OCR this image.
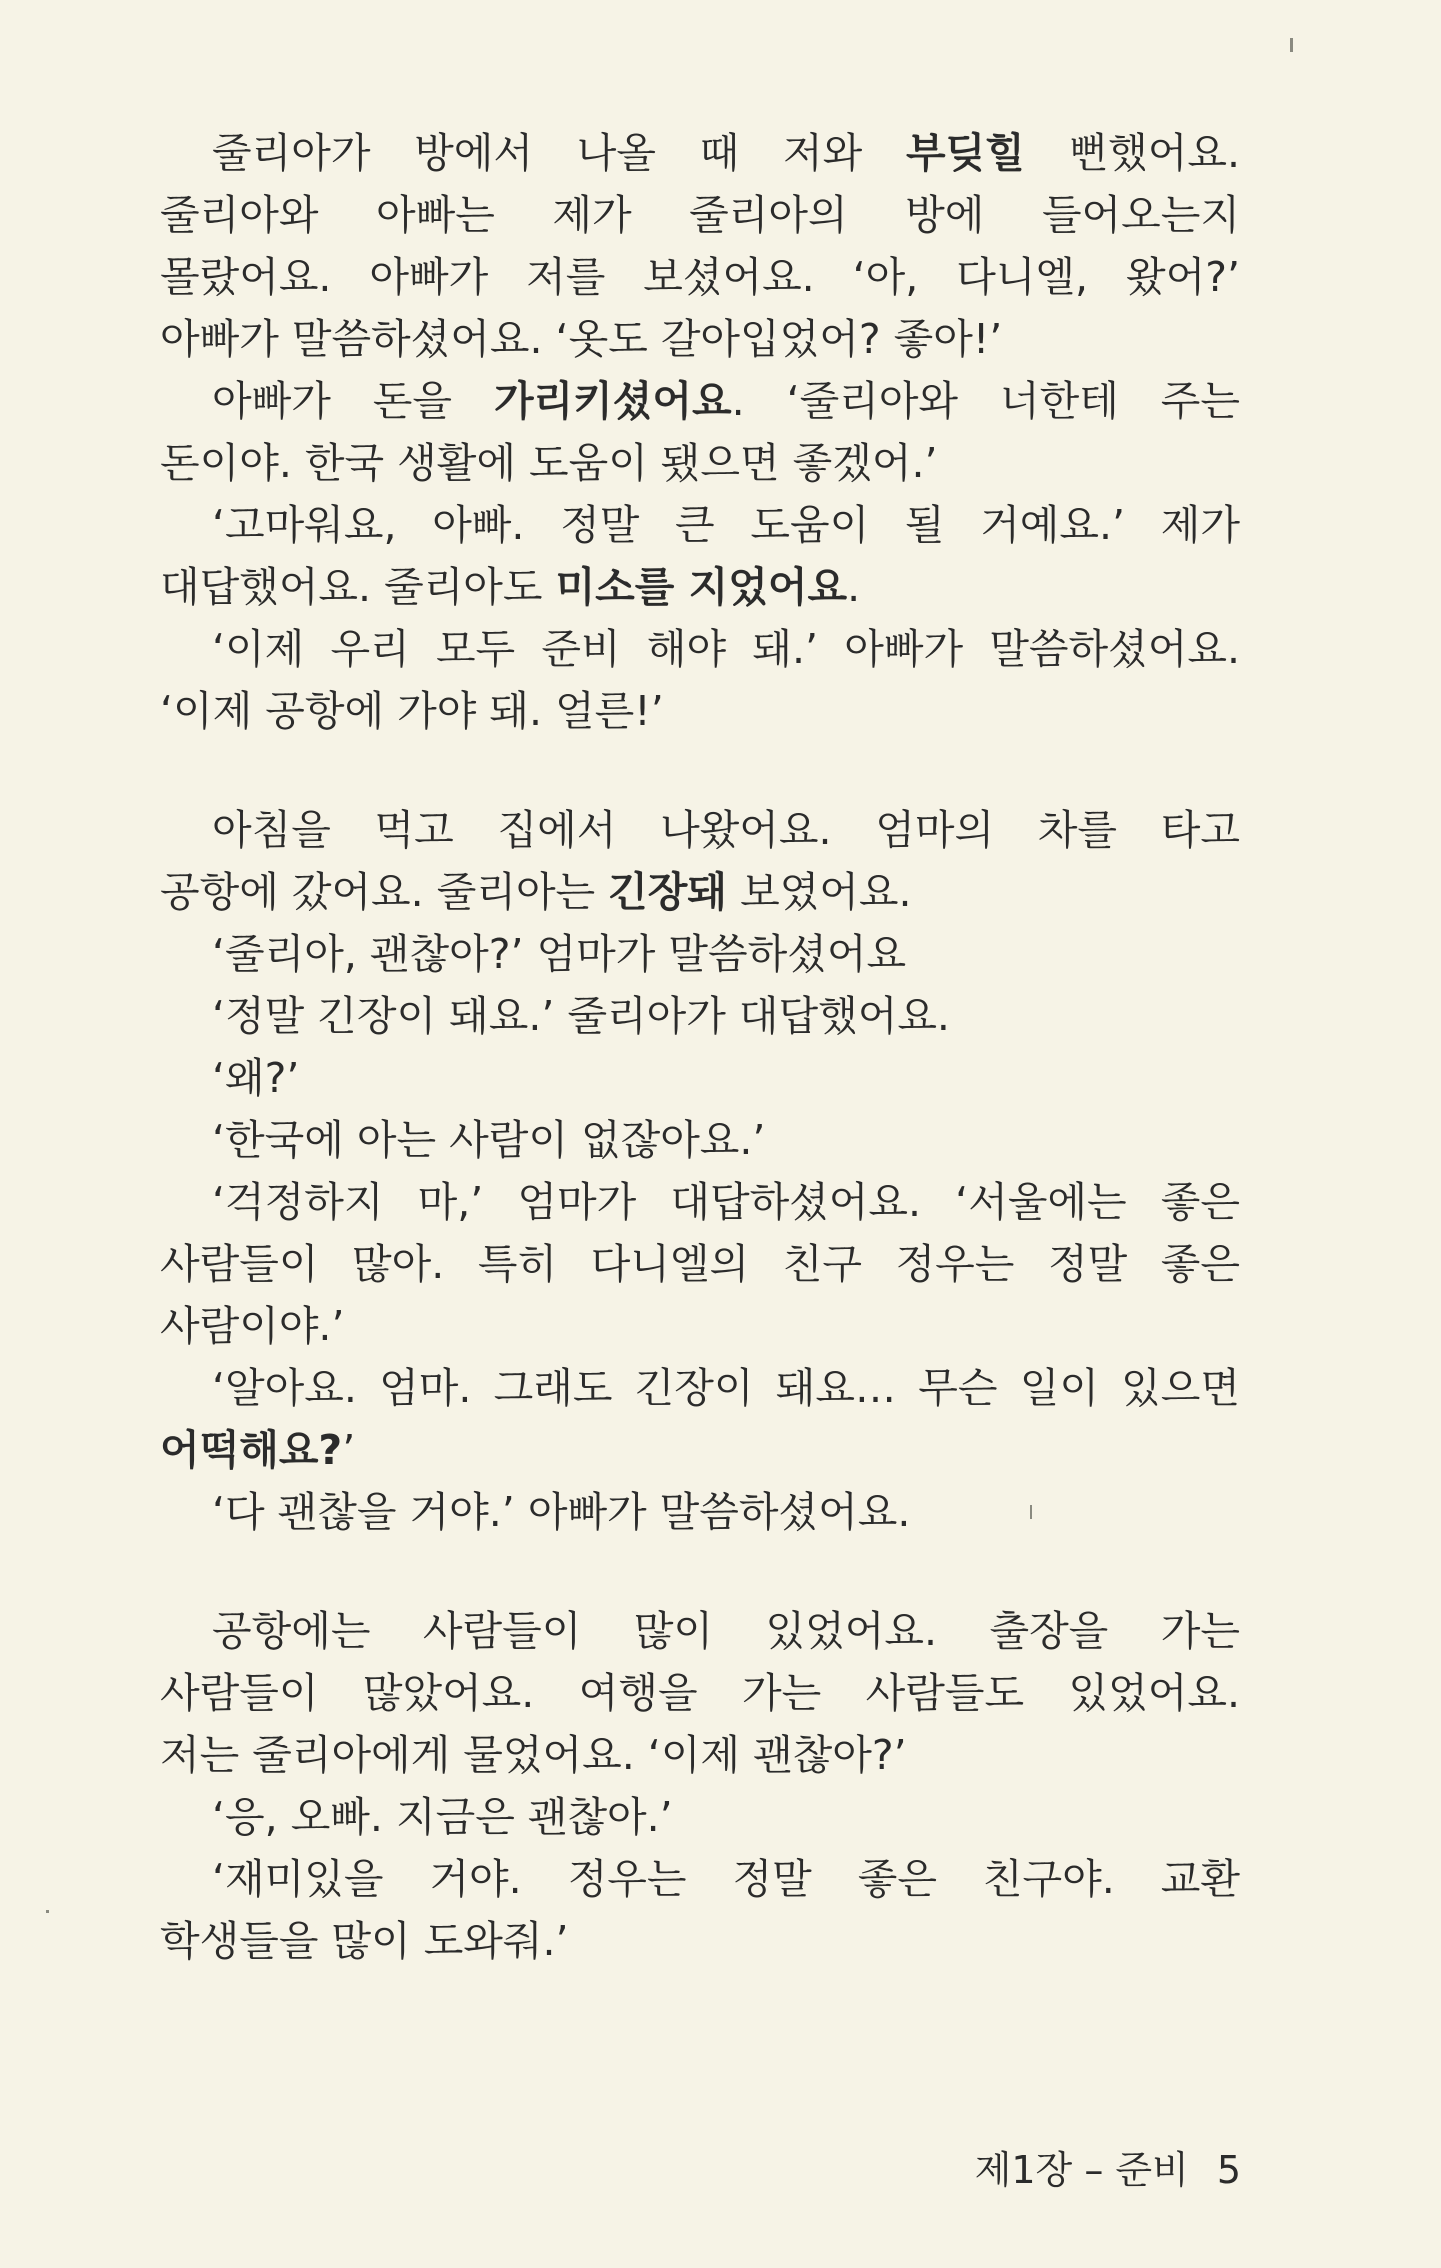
줄리아가 방에서 나올 때 저와 부딪힐 뻔했어요.
줄리아와 아빠는 제가 줄리아의 방에 들어오는지
몰랐어요. 아빠가 저를 보셨어요. ‘아, 다니엘, 왔어?’
아빠가 말씀하셨어요. ‘옷도 갈아입었어? 좋아!’
아빠가 돈을 가리키셨어요. ‘줄리아와 너한테 주는
돈이야. 한국 생활에 도움이 됐으면 좋겠어.’
‘고마워요, 아빠. 정말 큰 도움이 될 거예요.’ 제가
대답했어요. 줄리아도 미소를 지었어요.
‘이제 우리 모두 준비 해야 돼.’ 아빠가 말씀하셨어요.
‘이제 공항에 가야 돼. 얼른!’
아침을 먹고 집에서 나왔어요. 엄마의 차를 타고
공항에 갔어요. 줄리아는 긴장돼 보였어요.
‘줄리아, 괜찮아?’ 엄마가 말씀하셨어요
‘정말 긴장이 돼요.’ 줄리아가 대답했어요.
‘왜?’
‘한국에 아는 사람이 없잖아요.’
‘걱정하지 마,’ 엄마가 대답하셨어요. ‘서울에는 좋은
사람들이 많아. 특히 다니엘의 친구 정우는 정말 좋은
사람이야.’
‘알아요. 엄마. 그래도 긴장이 돼요… 무슨 일이 있으면
어떡해요?’
‘다 괜찮을 거야.’ 아빠가 말씀하셨어요.
공항에는 사람들이 많이 있었어요. 출장을 가는
사람들이 많았어요. 여행을 가는 사람들도 있었어요.
저는 줄리아에게 물었어요. ‘이제 괜찮아?’
‘응, 오빠. 지금은 괜찮아.’
‘재미있을 거야. 정우는 정말 좋은 친구야. 교환
학생들을 많이 도와줘.’
제1장 – 준비 5
